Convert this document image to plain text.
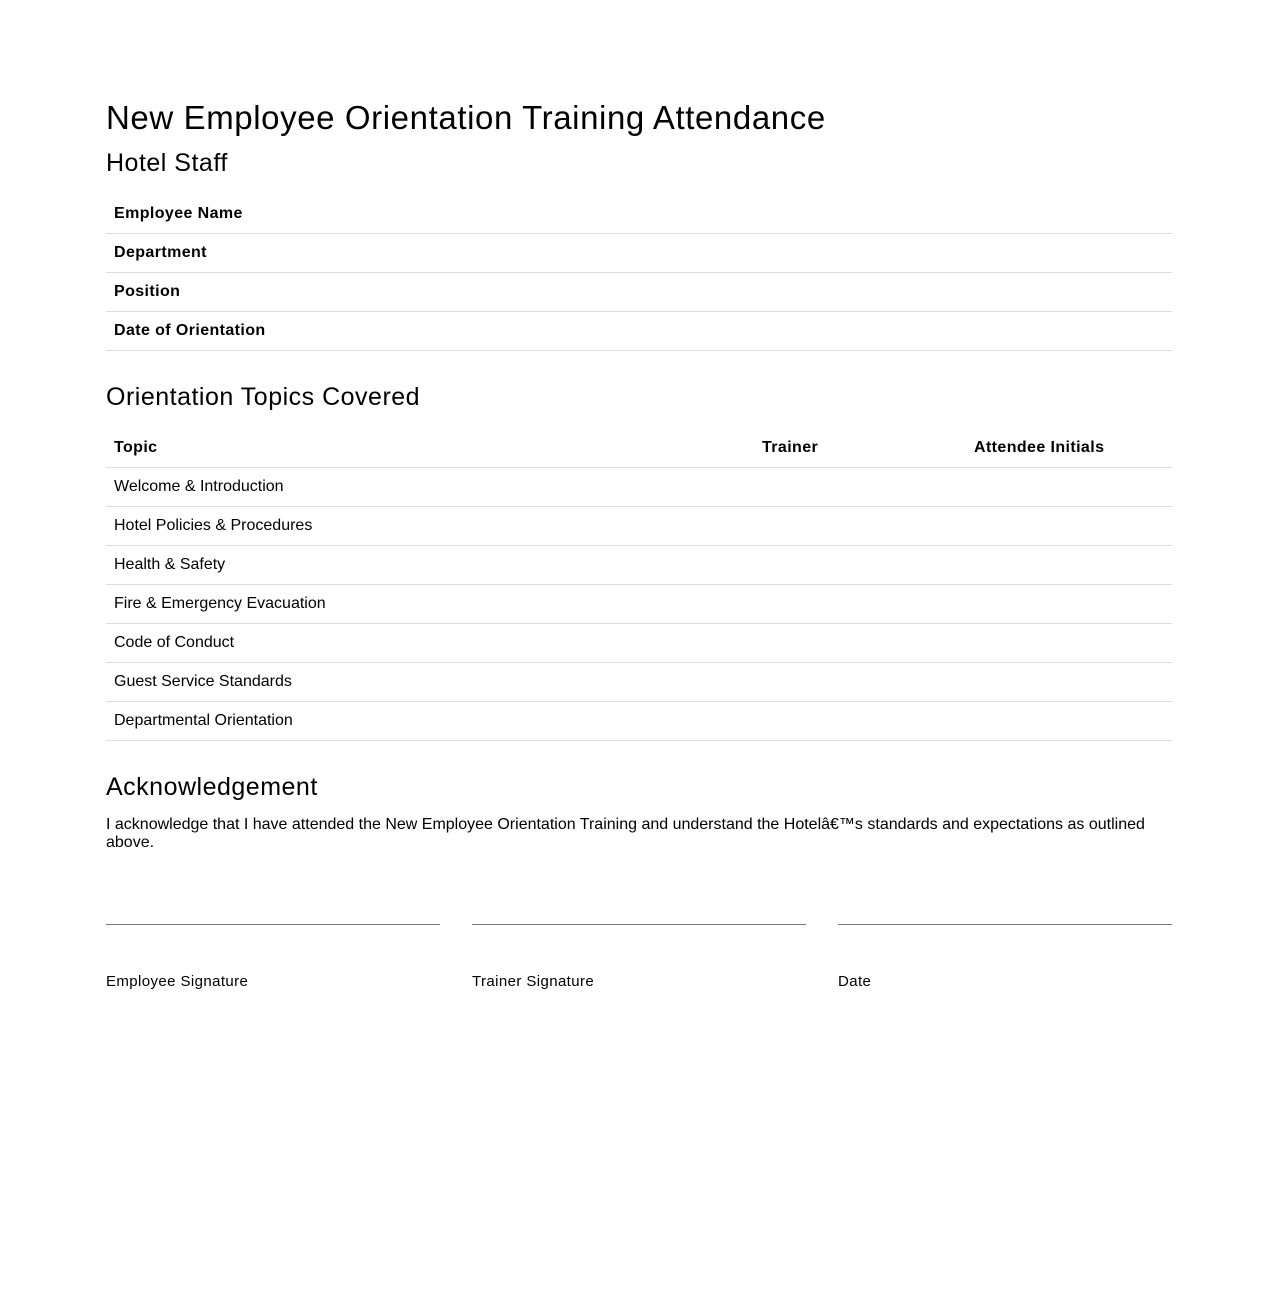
New Employee Orientation Training Attendance
Hotel Staff
Employee Name	
Department	
Position	
Date of Orientation	
Orientation Topics Covered
Topic	Trainer	Attendee Initials
Welcome & Introduction		
Hotel Policies & Procedures		
Health & Safety		
Fire & Emergency Evacuation		
Code of Conduct		
Guest Service Standards		
Departmental Orientation		
Acknowledgement

I acknowledge that I have attended the New Employee Orientation Training and understand the Hotelâ€™s standards and expectations as outlined above.

Employee Signature	Trainer Signature	Date
